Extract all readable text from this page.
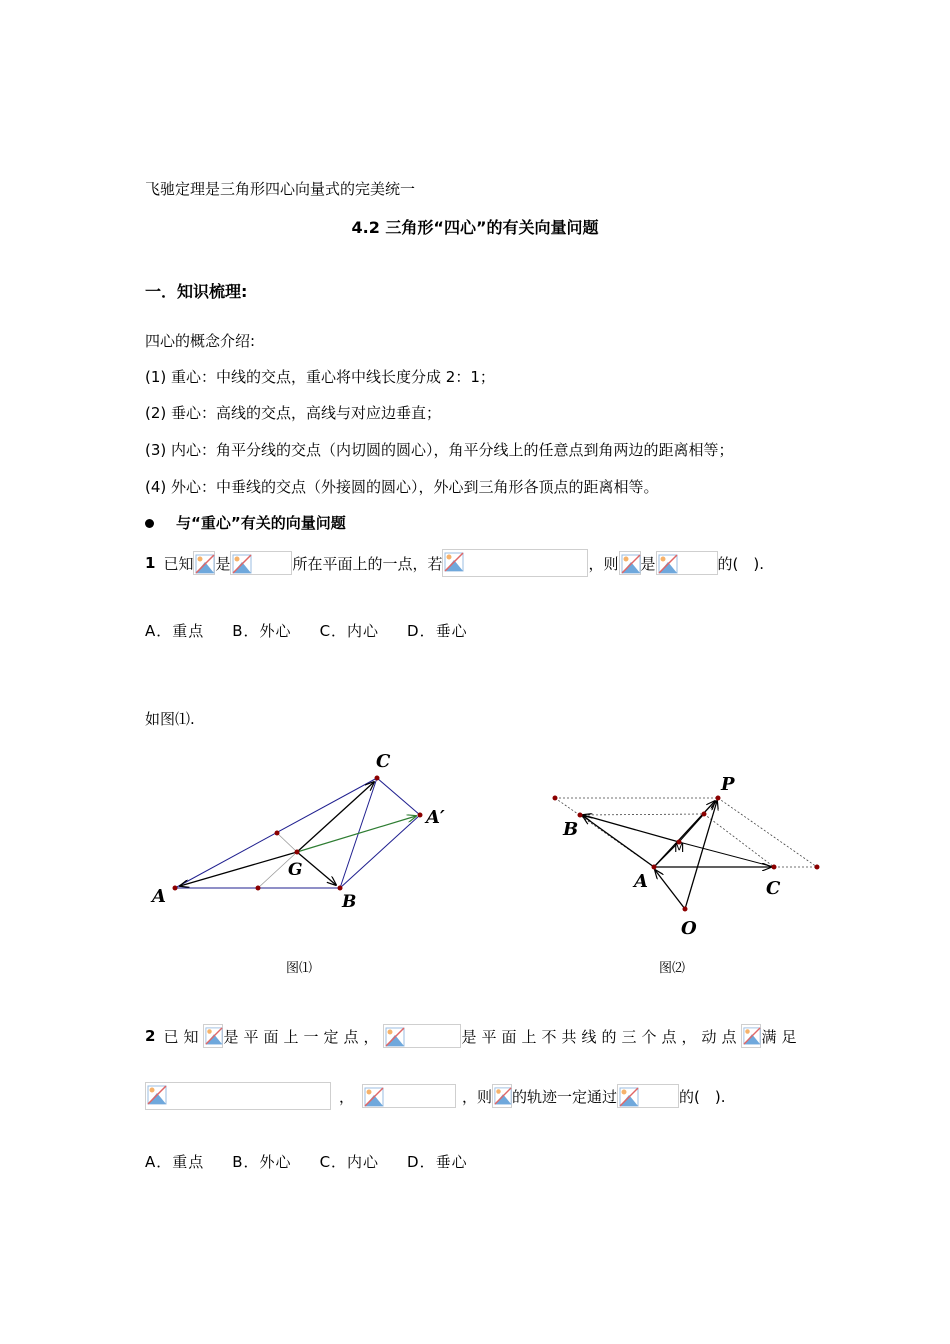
飞驰定理是三角形四心向量式的完美统一
4.2 三角形“四心”的有关向量问题
一．知识梳理:
四心的概念介绍:
(1) 重心：中线的交点，重心将中线长度分成 2：1；
(2) 垂心：高线的交点，高线与对应边垂直；
(3) 内心：角平分线的交点（内切圆的圆心），角平分线上的任意点到角两边的距离相等；
(4) 外心：中垂线的交点（外接圆的圆心），外心到三角形各顶点的距离相等。
与“重心”有关的向量问题
1 已知 是	所在平面上的一点，若	，则 是	的(　).
A．重点 B．外心 C．内心 D．垂心
如图⑴.
C
A′
G
A	B
图⑴
P
B
M
A	C
O
图⑵
2 已知 是平面上一定点，	是平面上不共线的三个点，动点 满足
，	，则 的轨迹一定通过	的(　).
A．重点 B．外心 C．内心 D．垂心
